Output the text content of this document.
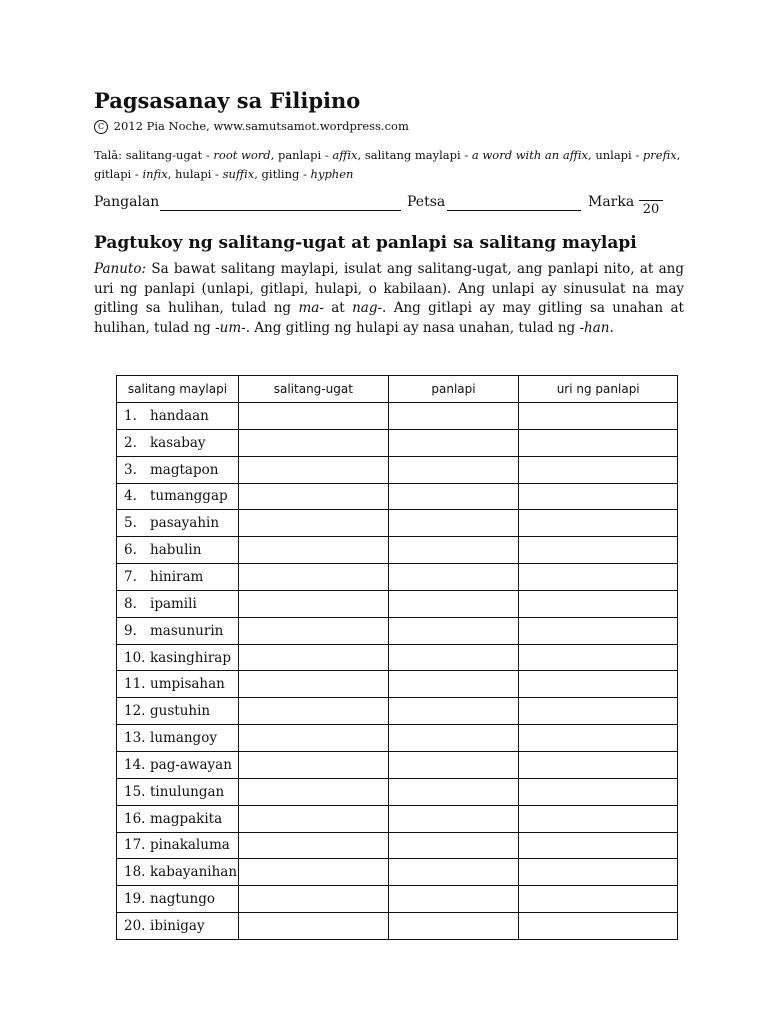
Pagsasanay sa Filipino
C 2012 Pia Noche, www.samutsamot.wordpress.com
Talā: salitang-ugat - root word, panlapi - affix, salitang maylapi - a word with an affix, unlapi - prefix, gitlapi - infix, hulapi - suffix, gitling - hyphen
Pangalan	Petsa	Marka 20
Pagtukoy ng salitang-ugat at panlapi sa salitang maylapi
Panuto: Sa bawat salitang maylapi, isulat ang salitang-ugat, ang panlapi nito, at ang uri ng panlapi (unlapi, gitlapi, hulapi, o kabilaan). Ang unlapi ay sinusulat na may gitling sa hulihan, tulad ng ma- at nag-. Ang gitlapi ay may gitling sa unahan at hulihan, tulad ng -um-. Ang gitling ng hulapi ay nasa unahan, tulad ng -han.
salitang maylapi	salitang-ugat	panlapi	uri ng panlapi
1. handaan			
2. kasabay			
3. magtapon			
4. tumanggap			
5. pasayahin			
6. habulin			
7. hiniram			
8. ipamili			
9. masunurin			
10. kasinghirap			
11. umpisahan			
12. gustuhin			
13. lumangoy			
14. pag-awayan			
15. tinulungan			
16. magpakita			
17. pinakaluma			
18. kabayanihan			
19. nagtungo			
20. ibinigay			
